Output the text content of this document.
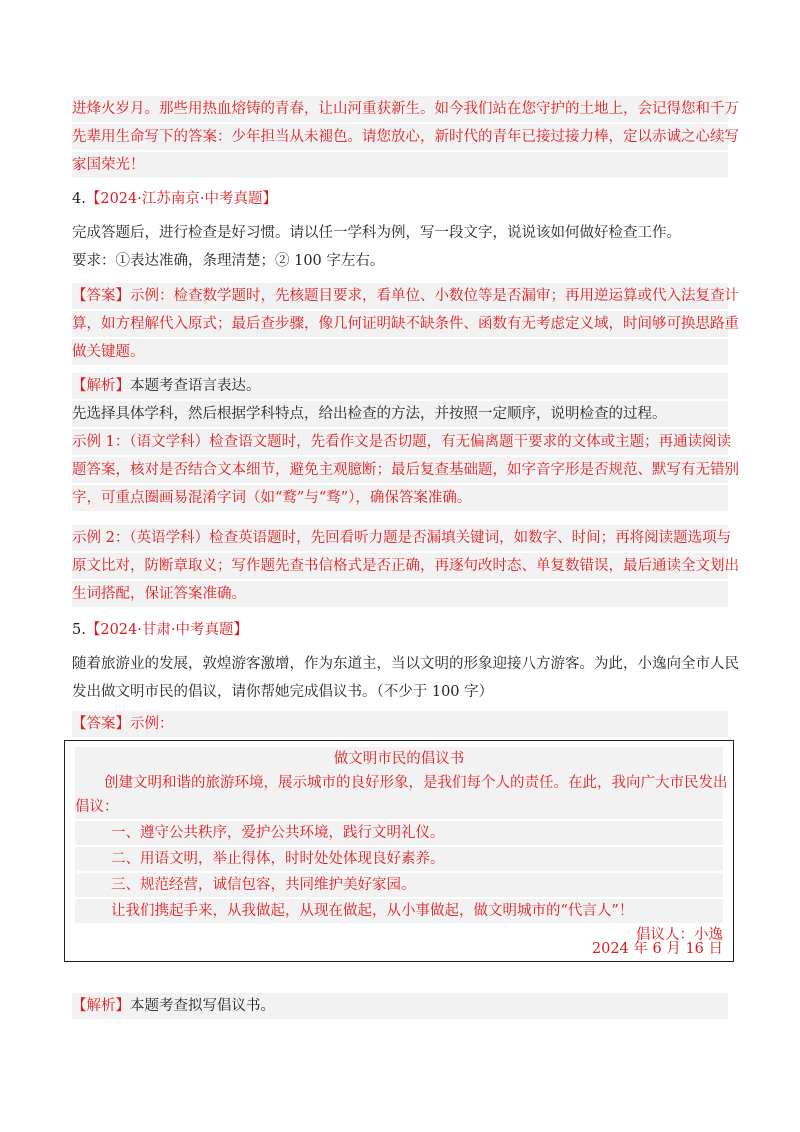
进烽火岁月。那些用热血熔铸的青春，让山河重获新生。如今我们站在您守护的土地上，会记得您和千万
先辈用生命写下的答案：少年担当从未褪色。请您放心，新时代的青年已接过接力棒，定以赤诚之心续写
家国荣光！
4.【2024·江苏南京·中考真题】
完成答题后，进行检查是好习惯。请以任一学科为例，写一段文字，说说该如何做好检查工作。
要求：①表达准确，条理清楚；② 100 字左右。
【答案】示例：检查数学题时，先核题目要求，看单位、小数位等是否漏审；再用逆运算或代入法复查计
算，如方程解代入原式；最后查步骤，像几何证明缺不缺条件、函数有无考虑定义域，时间够可换思路重
做关键题。
【解析】本题考查语言表达。
先选择具体学科，然后根据学科特点，给出检查的方法，并按照一定顺序，说明检查的过程。
示例 1：（语文学科）检查语文题时，先看作文是否切题，有无偏离题干要求的文体或主题；再通读阅读
题答案，核对是否结合文本细节，避免主观臆断；最后复查基础题，如字音字形是否规范、默写有无错别
字，可重点圈画易混淆字词（如“鹜”与“骛”），确保答案准确。
示例 2：（英语学科）检查英语题时，先回看听力题是否漏填关键词，如数字、时间；再将阅读题选项与
原文比对，防断章取义；写作题先查书信格式是否正确，再逐句改时态、单复数错误，最后通读全文划出
生词搭配，保证答案准确。
5.【2024·甘肃·中考真题】
随着旅游业的发展，敦煌游客激增，作为东道主，当以文明的形象迎接八方游客。为此，小逸向全市人民
发出做文明市民的倡议，请你帮她完成倡议书。（不少于 100 字）
【答案】示例：
做文明市民的倡议书
创建文明和谐的旅游环境，展示城市的良好形象，是我们每个人的责任。在此，我向广大市民发出
倡议：
一、遵守公共秩序，爱护公共环境，践行文明礼仪。
二、用语文明，举止得体，时时处处体现良好素养。
三、规范经营，诚信包容，共同维护美好家园。
让我们携起手来，从我做起，从现在做起，从小事做起，做文明城市的“代言人”！
倡议人：小逸
2024 年 6 月 16 日
【解析】本题考查拟写倡议书。
